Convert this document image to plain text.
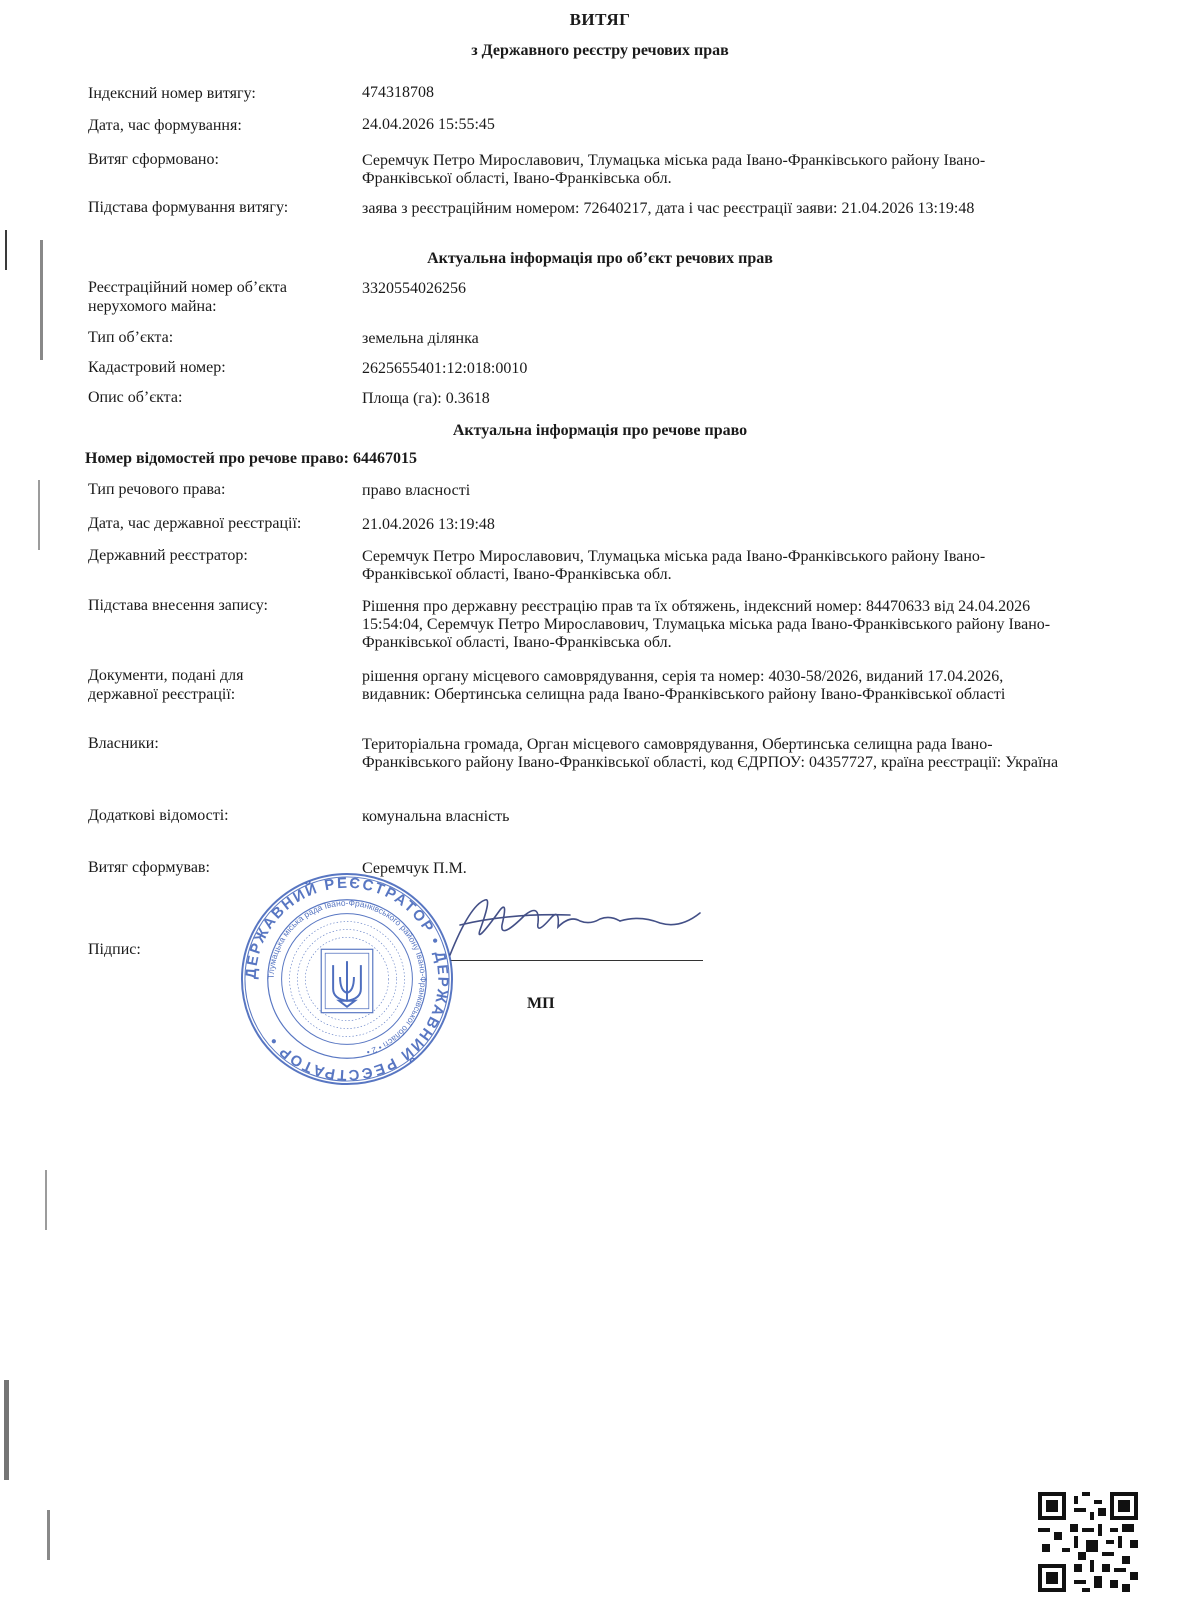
ВИТЯГ
з Державного реєстру речових прав
Індексний номер витягу:	474318708
Дата, час формування:	24.04.2026 15:55:45
Витяг сформовано:	Серемчук Петро Мирославович, Тлумацька міська рада Івано-Франківського району Івано-Франківської області, Івано-Франківська обл.
Підстава формування витягу:	заява з реєстраційним номером: 72640217, дата і час реєстрації заяви: 21.04.2026 13:19:48
Актуальна інформація про об’єкт речових прав
Реєстраційний номер об’єкта нерухомого майна:
3320554026256
Тип об’єкта:	земельна ділянка
Кадастровий номер:	2625655401:12:018:0010
Опис об’єкта:	Площа (га): 0.3618
Актуальна інформація про речове право
Номер відомостей про речове право: 64467015
Тип речового права:	право власності
Дата, час державної реєстрації:	21.04.2026 13:19:48
Державний реєстратор:	Серемчук Петро Мирославович, Тлумацька міська рада Івано-Франківського району Івано-Франківської області, Івано-Франківська обл.
Підстава внесення запису:	Рішення про державну реєстрацію прав та їх обтяжень, індексний номер: 84470633 від 24.04.2026 15:54:04, Серемчук Петро Мирославович, Тлумацька міська рада Івано-Франківського району Івано-Франківської області, Івано-Франківська обл.
Документи, подані для державної реєстрації:
рішення органу місцевого самоврядування, серія та номер: 4030-58/2026, виданий 17.04.2026, видавник: Обертинська селищна рада Івано-Франківського району Івано-Франківської області
Власники:	Територіальна громада, Орган місцевого самоврядування, Обертинська селищна рада Івано-Франківського району Івано-Франківської області, код ЄДРПОУ: 04357727, країна реєстрації: Україна
Додаткові відомості:	комунальна власність
Витяг сформував:	Серемчук П.М.
Підпис:
МП
ДЕРЖАВНИЙ РЕЄСТРАТОР • ДЕРЖАВНИЙ РЕЄСТРАТОР •
Тлумацька міська рада Івано-Франківського району Івано-Франківської області • 2 •
